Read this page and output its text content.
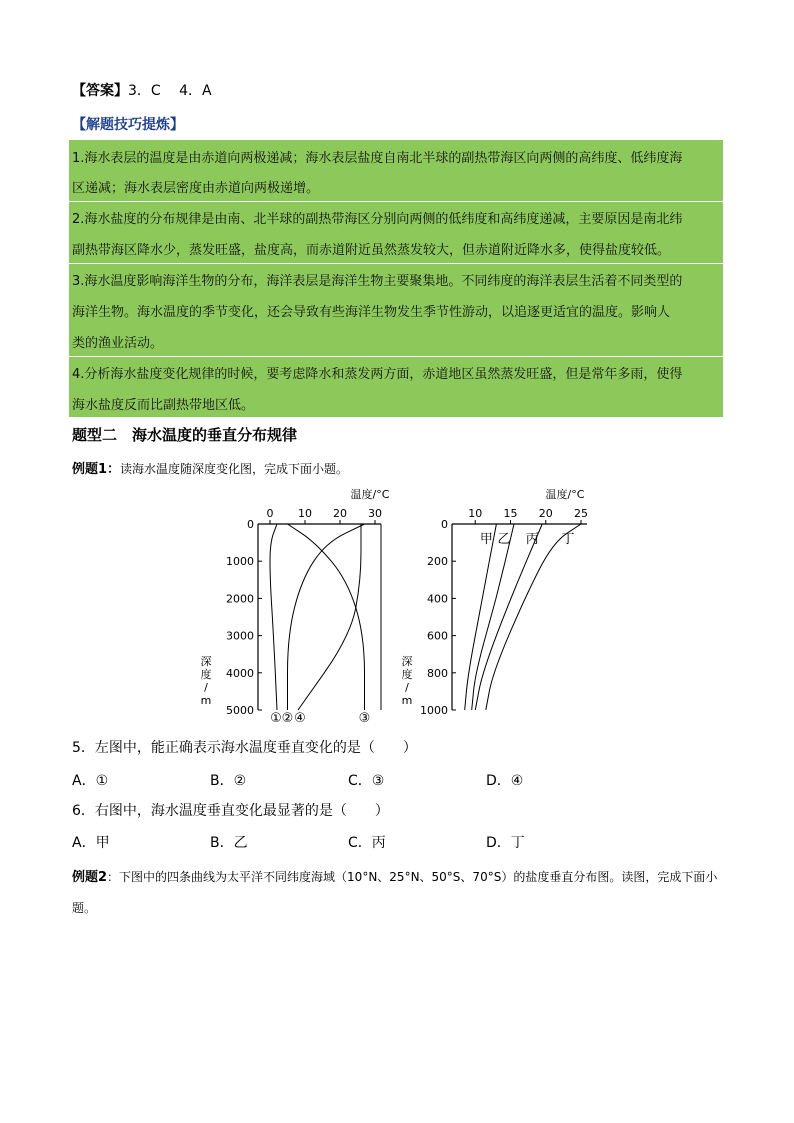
【答案】3．C　 4．A
【解题技巧提炼】
1.海水表层的温度是由赤道向两极递减；海水表层盐度自南北半球的副热带海区向两侧的高纬度、低纬度海
区递减；海水表层密度由赤道向两极递增。
2.海水盐度的分布规律是由南、北半球的副热带海区分别向两侧的低纬度和高纬度递减，主要原因是南北纬
副热带海区降水少，蒸发旺盛，盐度高，而赤道附近虽然蒸发较大，但赤道附近降水多，使得盐度较低。
3.海水温度影响海洋生物的分布，海洋表层是海洋生物主要聚集地。不同纬度的海洋表层生活着不同类型的
海洋生物。海水温度的季节变化，还会导致有些海洋生物发生季节性游动，以追逐更适宜的温度。影响人
类的渔业活动。
4.分析海水盐度变化规律的时候，要考虑降水和蒸发两方面，赤道地区虽然蒸发旺盛，但是常年多雨，使得
海水盐度反而比副热带地区低。
题型二　海水温度的垂直分布规律
例题1：读海水温度随深度变化图，完成下面小题。
0 10 20 30
0
1000
2000
3000
4000
5000
温度/°C
深
度
/
m
① ②	③
④
10 15 20 25
0
200
400
600
800
1000
温度/°C
深
度
/
m
甲 乙 丙 丁
5．左图中，能正确表示海水温度垂直变化的是（　　）
A．①	B．②	C．③	D．④
6．右图中，海水温度垂直变化最显著的是（　　）
A．甲	B．乙	C．丙	D．丁
例题2：下图中的四条曲线为太平洋不同纬度海域（10°N、25°N、50°S、70°S）的盐度垂直分布图。读图，完成下面小题。
